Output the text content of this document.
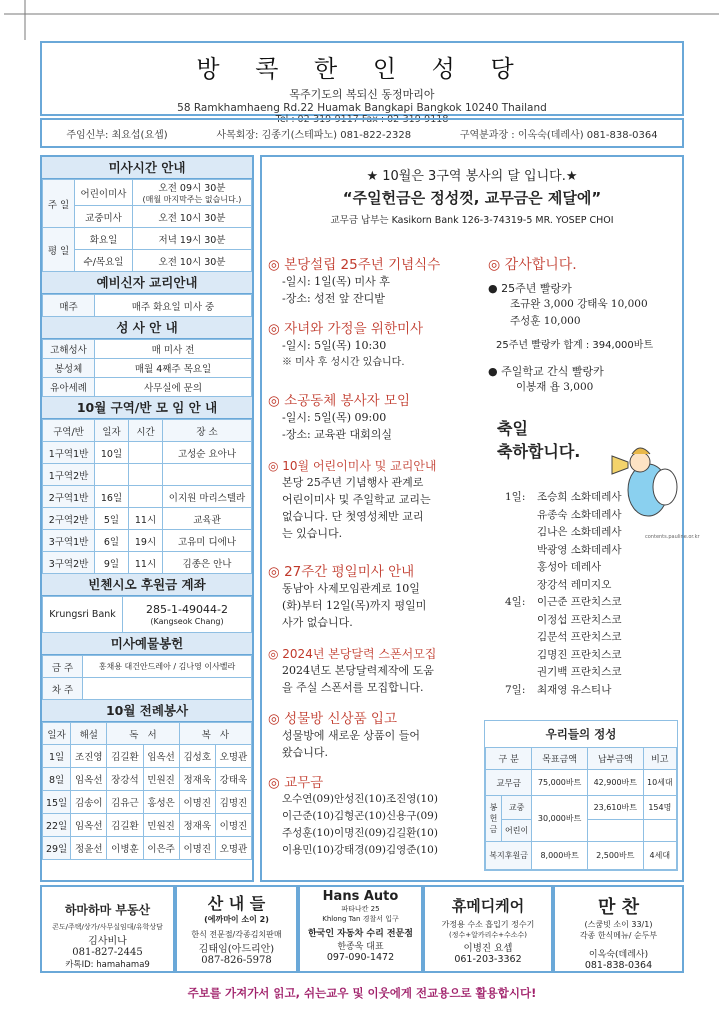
방 콕 한 인 성 당
목주기도의 복되신 동정마리아
58 Ramkhamhaeng Rd.22 Huamak Bangkapi Bangkok 10240 Thailand
Tel : 02-319-9117 Fax : 02-319-9118
주임신부: 최요섭(요셉)	사목회장: 김종기(스테파노) 081-822-2328	구역분과장 : 이옥숙(데레사) 081-838-0364
미사시간 안내
주 일	어린이미사	오전 09시 30분
(매월 마지막주는 없습니다.)
	교중미사	오전 10시 30분
평 일	화요일	저녁 19시 30분
	수/목요일	오전 10시 30분
예비신자 교리안내
매주	매주 화요일 미사 중
성 사 안 내
고해성사	매 미사 전
봉성체	매월 4째주 목요일
유아세례	사무실에 문의
10월 구역/반 모 임 안 내
구역/반	일자	시간	장 소
1구역1반	10일		고성순 요아나
1구역2반			
2구역1반	16일		이지원 마리스텔라
2구역2반	5일	11시	교육관
3구역1반	6일	19시	고유미 디에나
3구역2반	9일	11시	김종은 안나
빈첸시오 후원금 계좌
Krungsri Bank	285-1-49044-2
(Kangseok Chang)
미사예물봉헌
금 주	홍채용 대건안드레아 / 김나영 이사벨라
차 주	
10월 전례봉사
일자	해설	독 서		복 사	
1일	조진영	김길환	임옥선	김성호	오명관
8일	임옥선	장강석	민원진	정재욱	강태욱
15일	김송이	김유근	홍성은	이명진	김명진
22일	임옥선	김길환	민원진	정재욱	이명진
29일	정윤선	이병훈	이은주	이명진	오명관
★ 10월은 3구역 봉사의 달 입니다.★
“주일헌금은 정성껏, 교무금은 제달에”
교무금 납부는 Kasikorn Bank 126-3-74319-5 MR. YOSEP CHOI
◎ 본당설립 25주년 기념식수
-일시: 1일(목) 미사 후
-장소: 성전 앞 잔디밭
◎ 자녀와 가정을 위한미사
-일시: 5일(목) 10:30
※ 미사 후 성시간 있습니다.
◎ 소공동체 봉사자 모임
-일시: 5일(목) 09:00
-장소: 교육관 대회의실
◎ 10월 어린이미사 및 교리안내
본당 25주년 기념행사 관계로
어린이미사 및 주일학교 교리는
없습니다. 단 첫영성체반 교리
는 있습니다.
◎ 27주간 평일미사 안내
동남아 사제모임관계로 10일
(화)부터 12일(목)까지 평일미
사가 없습니다.
◎ 2024년 본당달력 스폰서모집
2024년도 본당달력제작에 도움
을 주실 스폰서를 모집합니다.
◎ 성물방 신상품 입고
성물방에 새로운 상품이 들어
왔습니다.
◎ 교무금
오수연(09)안성진(10)조진영(10)
이근준(10)김형곤(10)신용구(09)
주성훈(10)이명진(09)김길환(10)
이용민(10)강태경(09)김영준(10)
◎ 감사합니다.
● 25주년 빨랑카
조규완 3,000 강태욱 10,000
주성훈 10,000
25주년 빨랑카 합계 : 394,000바트
● 주일학교 간식 빨랑카
이봉재 욥 3,000
축일
축하합니다.
contents.pauline.or.kr
1일:	조승희 소화데레사
유종숙 소화데레사
김나은 소화데레사
박광영 소화데레사
홍성아 데레사
장강석 레미지오
4일:	이근준 프란치스코
이정섭 프란치스코
김문석 프란치스코
김명진 프란치스코
권기백 프란치스코
7일:	최재영 유스티나
우리들의 정성
구 분		목표금액	납부금액	비고
교무금		75,000바트	42,900바트	10세대
봉헌금	교중	30,000바트	23,610바트	154명
	어린이			
복지후원금		8,000바트	2,500바트	4세대
하마하마 부동산
콘도/주택/상가/사무실임대/유학상담
김사비나
081-827-2445
카톡ID: hamahama9
산 내 들
(에까마이 소이 2)
한식 전문점/각종김치판매
김태임(아드리안)
087-826-5978
Hans Auto
파타나칸 25
Khlong Tan 경찰서 입구
한국인 자동차 수리 전문점
한종욱 대표
097-090-1472
휴메디케어
가정용 수소 흡입기 정수기
(정수+알카리수+수소수)
이병진 요셉
061-203-3362
만 찬
(스쿰빗 소이 33/1)
각종 한식메뉴/ 순두부
이옥숙(데레사)
081-838-0364
주보를 가져가서 읽고, 쉬는교우 및 이웃에게 전교용으로 활용합시다!
